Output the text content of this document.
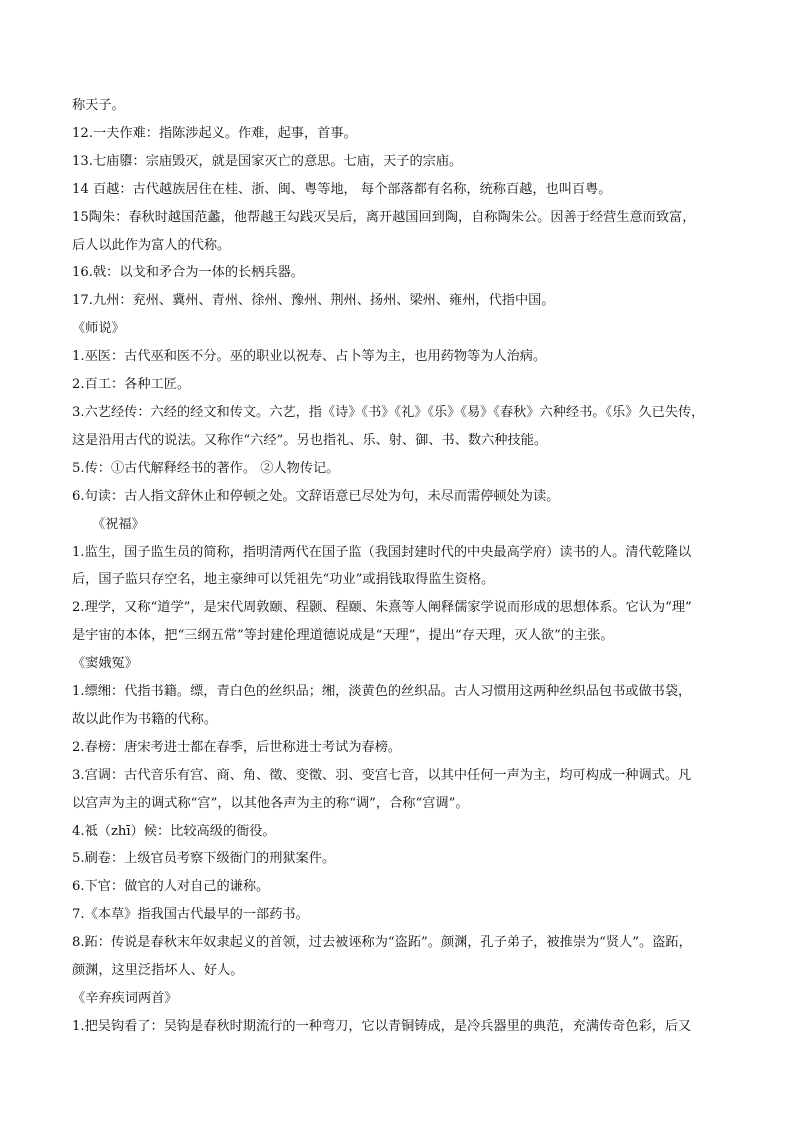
称天子。
12.一夫作难：指陈涉起义。作难，起事，首事。
13.七庙隳：宗庙毁灭，就是国家灭亡的意思。七庙，天子的宗庙。
14 百越：古代越族居住在桂、浙、闽、粤等地， 每个部落都有名称，统称百越，也叫百粤。
15陶朱：春秋时越国范蠡，他帮越王勾践灭吴后，离开越国回到陶，自称陶朱公。因善于经营生意而致富，
后人以此作为富人的代称。
16.戟：以戈和矛合为一体的长柄兵器。
17.九州：兖州、冀州、青州、徐州、豫州、荆州、扬州、梁州、雍州，代指中国。
《师说》
1.巫医：古代巫和医不分。巫的职业以祝寿、占卜等为主，也用药物等为人治病。
2.百工：各种工匠。
3.六艺经传：六经的经文和传文。六艺，指《诗》《书》《礼》《乐》《易》《春秋》六种经书。《乐》久已失传，
这是沿用古代的说法。又称作“六经”。另也指礼、乐、射、御、书、数六种技能。
5.传：①古代解释经书的著作。 ②人物传记。
6.句读：古人指文辞休止和停顿之处。文辞语意已尽处为句，未尽而需停顿处为读。
《祝福》
1.监生，国子监生员的简称，指明清两代在国子监（我国封建时代的中央最高学府）读书的人。清代乾隆以
后，国子监只存空名，地主豪绅可以凭祖先“功业”或捐钱取得监生资格。
2.理学，又称“道学”，是宋代周敦颐、程颢、程颐、朱熹等人阐释儒家学说而形成的思想体系。它认为“理”
是宇宙的本体，把“三纲五常”等封建伦理道德说成是“天理”，提出“存天理，灭人欲”的主张。
《窦娥冤》
1.缥缃：代指书籍。缥，青白色的丝织品；缃，淡黄色的丝织品。古人习惯用这两种丝织品包书或做书袋，
故以此作为书籍的代称。
2.春榜：唐宋考进士都在春季，后世称进士考试为春榜。
3.宫调：古代音乐有宫、商、角、徵、变徵、羽、变宫七音，以其中任何一声为主，均可构成一种调式。凡
以宫声为主的调式称“宫”，以其他各声为主的称“调”，合称“宫调”。
4.祗（zhī）候：比较高级的衙役。
5.刷卷：上级官员考察下级衙门的刑狱案件。
6.下官：做官的人对自己的谦称。
7.《本草》指我国古代最早的一部药书。
8.跖：传说是春秋末年奴隶起义的首领，过去被诬称为“盗跖”。颜渊，孔子弟子，被推崇为“贤人”。盗跖，
颜渊，这里泛指坏人、好人。
《辛弃疾词两首》
1.把吴钩看了：吴钩是春秋时期流行的一种弯刀，它以青铜铸成，是冷兵器里的典范，充满传奇色彩，后又
